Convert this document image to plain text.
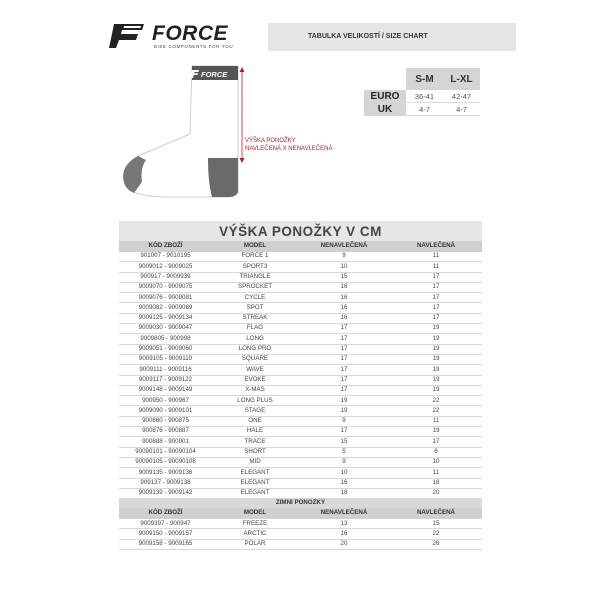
FORCE
BIKE COMPONENTS FOR YOU
TABULKA VELIKOSTÍ / SIZE CHART
FORCE
VÝŠKA PONOŽKY
NAVLEČENÁ X NENAVLEČENÁ
	S-M	L-XL
EURO	36-41	42-47
UK	4-7	4-7
VÝŠKA PONOŽKY V CM
KÓD ZBOŽÍ	MODEL	NENAVLEČENÁ	NAVLEČENÁ
901007 - 9010195	FORCE 1	9	11
9009012 - 9009025	SPORT3	10	11
900917 - 9009939	TRIANGLE	15	17
9009070 - 9009075	SPROCKET	16	17
9009076 - 9009081	CYCLE	16	17
9009082 - 9009089	SPOT	16	17
9009125 - 9009134	STREAK	16	17
9009030 - 9009047	FLAG	17	19
9009805 - 900998	LONG	17	19
9009051 - 9009060	LONG PRO	17	19
9009105 - 9009110	SQUARE	17	19
9009111 - 9009116	WAVE	17	19
9009117 - 9009122	EVOKE	17	19
9009148 - 9009149	X-MAS	17	19
900950 - 900967	LONG PLUS	19	22
9009090 - 9009101	STAGE	19	22
900860 - 900875	ONE	9	11
900876 - 900887	HALE	17	19
900888 - 900901	TRACE	15	17
90090101 - 90090104	SHORT	5	6
90090105 - 90090108	MID	9	10
9009135 - 9009136	ELEGANT	10	11
909137 - 9009138	ELEGANT	16	18
9009139 - 9009142	ELEGANT	18	20
ZIMNÍ PONOŽKY			
KÓD ZBOŽÍ	MODEL	NENAVLEČENÁ	NAVLEČENÁ
9009397 - 900947	FREEZE	13	15
9009150 - 9009157	ARCTIC	16	22
9009158 - 9009165	POLAR	20	26
